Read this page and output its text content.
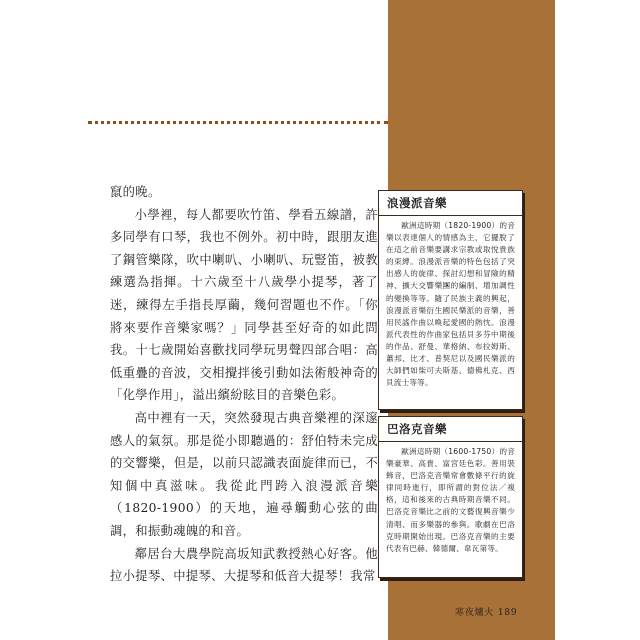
竄的晚。

小學裡，每人都要吹竹笛、學看五線譜，許多同學有口琴，我也不例外。初中時，跟朋友進了鋼管樂隊，吹中喇叭、小喇叭、玩豎笛，被教練選為指揮。十六歲至十八歲學小提琴，著了迷，練得左手指長厚繭，幾何習題也不作。「你將來要作音樂家嗎？」同學甚至好奇的如此問我。十七歲開始喜歡找同學玩男聲四部合唱：高低重疊的音波，交相攪拌後引動如法術般神奇的「化學作用」，溢出繽紛眩目的音樂色彩。

高中裡有一天，突然發現古典音樂裡的深邃感人的氣氛。那是從小即聽過的：舒伯特未完成的交響樂，但是，以前只認識表面旋律而已，不知個中真滋味。我從此門跨入浪漫派音樂（1820-1900）的天地，遍尋觸動心弦的曲調，和振動魂魄的和音。

鄰居台大農學院高坂知武教授熱心好客。他拉小提琴、中提琴、大提琴和低音大提琴！我常

浪漫派音樂

歐洲這時期（1820-1900）的音樂以表達個人的情感為主，它擺脫了在這之前音樂要講求宗教或取悅貴族的束縛。浪漫派音樂的特色包括了突出感人的旋律、探討幻想和冒險的精神、擴大交響樂團的編制、增加調性的變換等等。隨了民族主義的興起，浪漫派音樂衍生國民樂派的音樂，善用民謠作曲以喚起愛國的熱忱。浪漫派代表性的作曲家包括貝多芬中期後的作品、舒曼、華格納、布拉姆斯、蕭邦、比才、普契尼以及國民樂派的大師們如柴可夫斯基、德佛札克、西貝流士等等。

巴洛克音樂

歐洲這時期（1600-1750）的音樂豪華、高貴、富宮廷色彩。善用裝飾音，巴洛克音樂常會數條平行的旋律同時進行，即所謂的對位法／複格，這和後來的古典時期音樂不同。巴洛克音樂比之前的文藝復興音樂少清唱、而多樂器的參與。歌劇在巴洛克時期開始出現。巴洛克音樂的主要代表有巴赫、韓德爾、韋瓦第等。

寒夜爐火 189
